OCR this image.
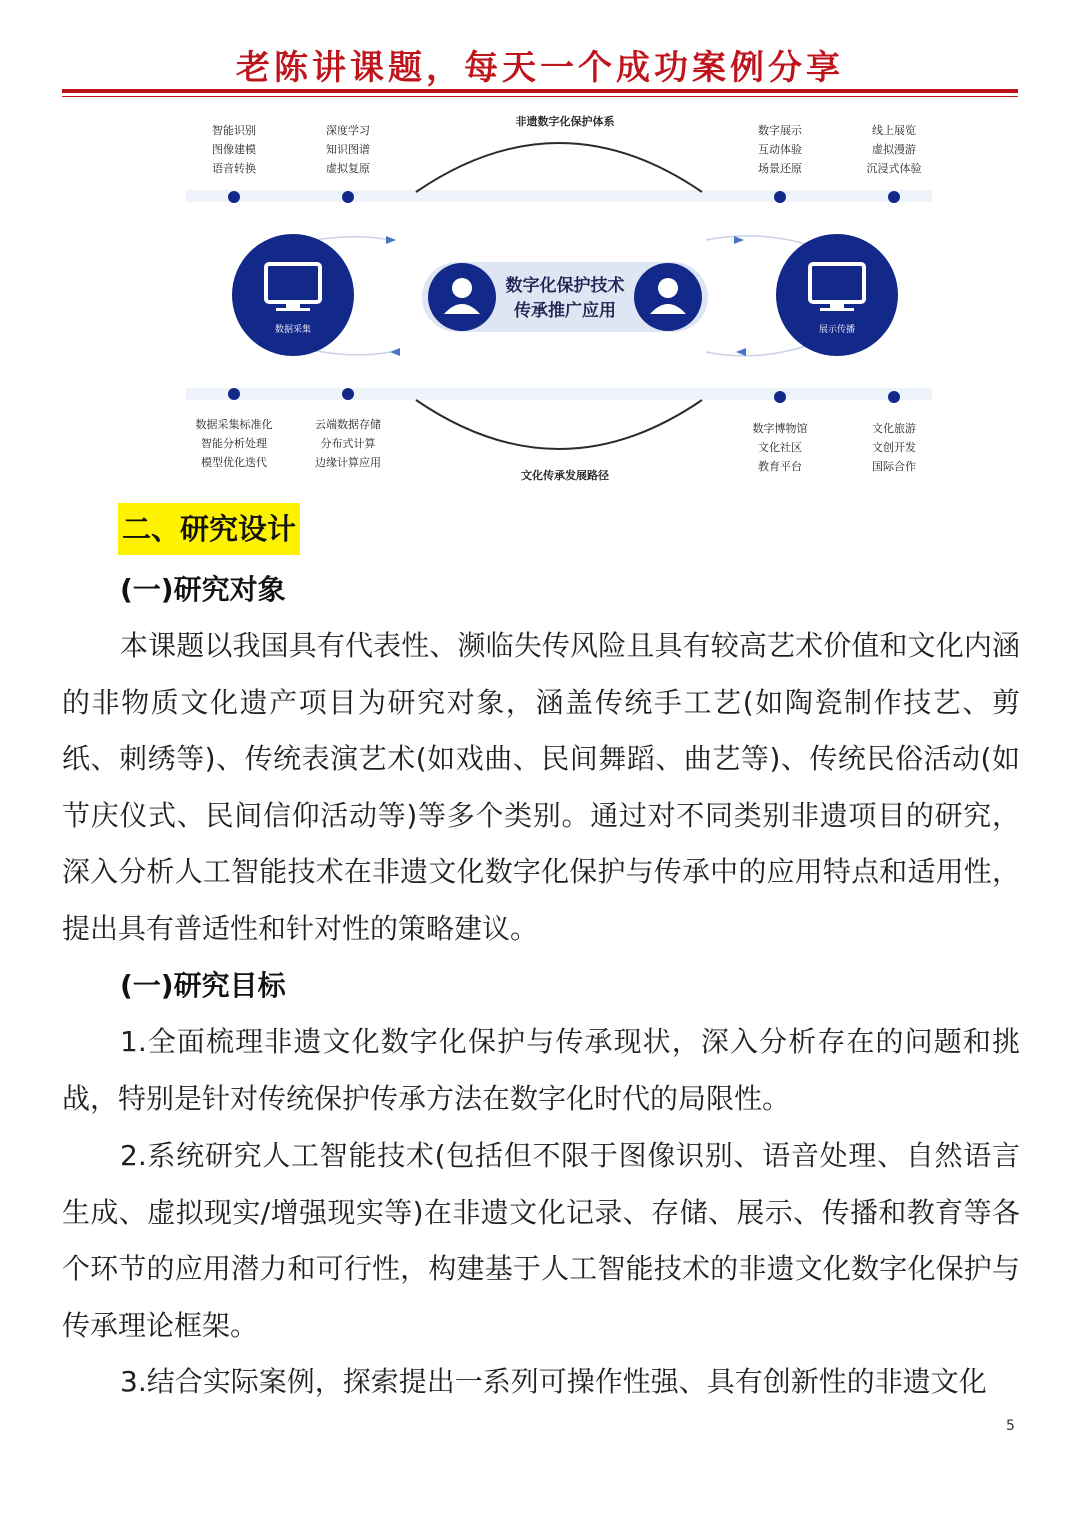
老陈讲课题，每天一个成功案例分享
数字化保护技术
传承推广应用
数据采集	展示传播
非遗数字化保护体系
文化传承发展路径
智能识别
图像建模
语音转换
深度学习
知识图谱
虚拟复原
数字展示
互动体验
场景还原
线上展览
虚拟漫游
沉浸式体验
数据采集标准化
智能分析处理
模型优化迭代
云端数据存储
分布式计算
边缘计算应用
数字博物馆
文化社区
教育平台
文化旅游
文创开发
国际合作
二、研究设计
(一)研究对象
本课题以我国具有代表性、濒临失传风险且具有较高艺术价值和文化内涵的非物质文化遗产项目为研究对象，涵盖传统手工艺(如陶瓷制作技艺、剪纸、刺绣等)、传统表演艺术(如戏曲、民间舞蹈、曲艺等)、传统民俗活动(如节庆仪式、民间信仰活动等)等多个类别。通过对不同类别非遗项目的研究，深入分析人工智能技术在非遗文化数字化保护与传承中的应用特点和适用性，提出具有普适性和针对性的策略建议。
(一)研究目标
1.全面梳理非遗文化数字化保护与传承现状，深入分析存在的问题和挑战，特别是针对传统保护传承方法在数字化时代的局限性。
2.系统研究人工智能技术(包括但不限于图像识别、语音处理、自然语言生成、虚拟现实/增强现实等)在非遗文化记录、存储、展示、传播和教育等各个环节的应用潜力和可行性，构建基于人工智能技术的非遗文化数字化保护与传承理论框架。
3.结合实际案例，探索提出一系列可操作性强、具有创新性的非遗文化
5
